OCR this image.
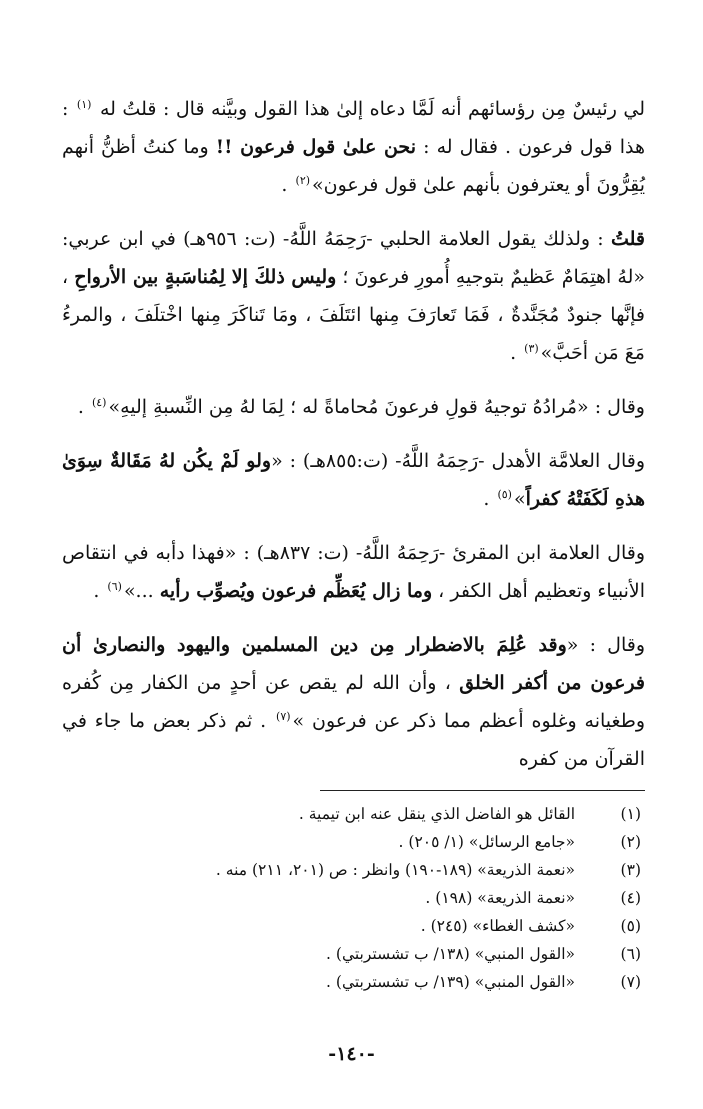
لي رئيسٌ مِن رؤسائهم أنه لَمَّا دعاه إلىٰ هذا القول وبيَّنه قال : قلتُ له $^{(١)}$ : هذا قول فرعون . فقال له : نحن علىٰ قول فرعون !! وما كنتُ أظنُّ أنهم يُقِرُّونَ أو يعترفون بأنهم علىٰ قول فرعون»$^{(٢)}$ .

قلتُ : ولذلك يقول العلامة الحلبي -رَحِمَهُ اللَّهُ- (ت: ٩٥٦هـ) في ابن عربي: «لهُ اهتِمَامٌ عَظيمٌ بتوجيهِ أُمورِ فرعونَ ؛ وليس ذلكَ إلا لِمُناسَبةٍ بين الأرواحِ ، فإنَّها جنودٌ مُجَنَّدةٌ ، فَمَا تَعارَفَ مِنها ائتَلَفَ ، ومَا تَناكَرَ مِنها اخْتلَفَ ، والمرءُ مَعَ مَن أحَبَّ»$^{(٣)}$ .

وقال : «مُرادُهُ توجيهُ قولِ فرعونَ مُحاماةً له ؛ لِمَا لهُ مِن النِّسبةِ إليهِ»$^{(٤)}$ .

وقال العلامَّة الأهدل -رَحِمَهُ اللَّهُ- (ت:٨٥٥هـ) : «ولو لَمْ يكُن لهُ مَقَالةٌ سِوَىٰ هذهِ لَكَفَتْهُ كفراً»$^{(٥)}$ .

وقال العلامة ابن المقرئ -رَحِمَهُ اللَّهُ- (ت: ٨٣٧هـ) : «فهذا دأبه في انتقاص الأنبياء وتعظيم أهل الكفر ، وما زال يُعَظِّم فرعون ويُصوِّب رأيه ...»$^{(٦)}$ .

وقال : «وقد عُلِمَ بالاضطرار مِن دين المسلمين واليهود والنصارىٰ أن فرعون من أكفر الخلق ، وأن الله لم يقص عن أحدٍ من الكفار مِن كُفره وطغيانه وغلوه أعظم مما ذكر عن فرعون »$^{(٧)}$ . ثم ذكر بعض ما جاء في القرآن من كفره

(١)
القائل هو الفاضل الذي ينقل عنه ابن تيمية .
(٢)
«جامع الرسائل» (١/ ٢٠٥) .
(٣)
«نعمة الذريعة» (١٨٩-١٩٠) وانظر : ص (٢٠١، ٢١١) منه .
(٤)
«نعمة الذريعة» (١٩٨) .
(٥)
«كشف الغطاء» (٢٤٥) .
(٦)
«القول المنبي» (١٣٨/ ب تشستربتي) .
(٧)
«القول المنبي» (١٣٩/ ب تشستربتي) .
-١٤٠-
